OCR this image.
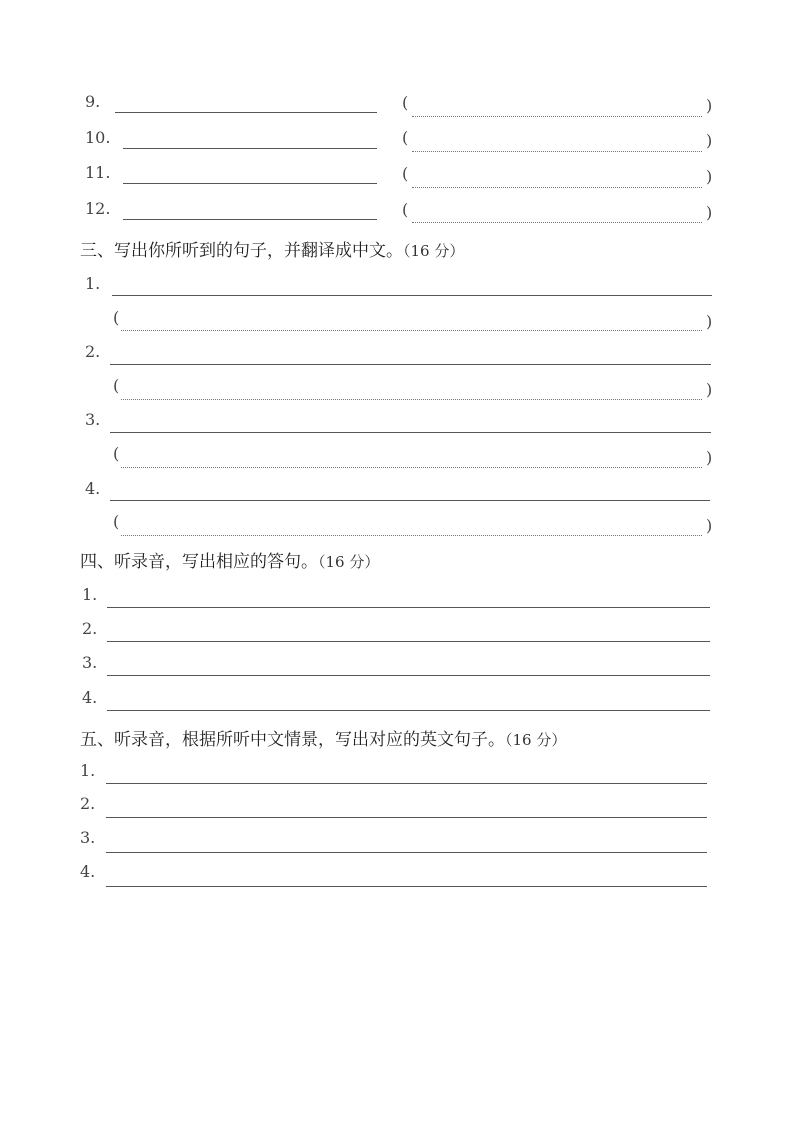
9.	(	)
10.	(	)
11.	(	)
12.	(	)
三、写出你所听到的句子，并翻译成中文。（16 分）
1.
(	)
2.
(	)
3.
(	)
4.
(	)
四、听录音，写出相应的答句。（16 分）
1.
2.
3.
4.
五、听录音，根据所听中文情景，写出对应的英文句子。（16 分）
1.
2.
3.
4.
